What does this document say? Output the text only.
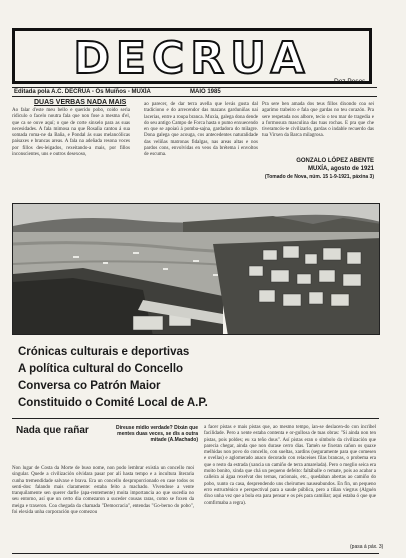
DECRUA	Dez Pesos
Editada pola A.C. DECRUA - Os Muíños - MUXÍA	MAIO 1985
DUAS VERBAS NADA MAIS
Ao falar d'este meu bello e querido pobo, coido serìa ridìculo o facelo noutra fala que non fose a mesma d'el, que ca se ouve aquí; o que de corte sinxelo para as suas necesidades. A fala mimosa na que Rosalìa cantou á sua somada roma-ne da Baña, e Pondal ás suas melancólicas paisaxes e brancas areas. A fala na adeñada resona voces por fillos des-leigados, rexeitando-a mais, por fillos inconscientes, uns e outros desexoso,
ao parecer, de dar terra avella que levás gusta dal tradiciono e do arrecendor das mazans garduniñas nai lacerias, entre a roupa branca. Muxía, galega dona dende do seu antigo Campo de Forca hasta o pumo enxuecendo en que se apoiaú á pomba-sajna, gardadora do milagre. Dona galega que acouga, cos antecedentes naturalidade das veliñas matronas fidalgas, nas areas altas e nos pardos cons, envolvidas en veos da brétema i envoltos de escuma.
Pra sere ben amada dos teus fillos dixondo coa sei agarimo trabeiro e fala que gardas no teu corazón. Pra sere respetada nos albore, tecio o teu mar de tragedia e a formosura masculina das tuas rochas. E pra que che tiveramcós-te civilizarlo, gardas o indable recuerdo das tua Virxen da Barca milagrosa.
GONZALO LÓPEZ ABENTE
MUXÍA, agosto de 1921
(Tomado de Nova, núm. 15 1-9-1921, páxina 3)
Crónicas culturais e deportivas
A política cultural do Concello
Conversa co Patrón Maior
Constituido o Comité Local de A.P.
Nada que rañar	Direuse mìdio verdade? Dixán que mentes duas veces, se dis a outra mitade (A.Machado)
Non lugar de Costa da Morte de buso nome, non podo lembrar existia un concello moi singular. Quede a civilización olvidara pasar por alí hasta tempo e a incultura literaria cunha tremendidade salvaxe e brava. Era un concello desproporcionado en case todos os senti-dos: falando mais claramente: estaba feito a machado. Vivendose a vente tranquilamente sen querer darlle (apa-rentemente) moita importancia ao que sucedia no seu entorno, así que un certo dia comezaron a suceder cousas raras, como se foxen da meiga e traxeron. Coa chegada da chamada "Democracia", entendas "Go-berno do pobo", foi elexida unha corporación que comezou
a facer pistas e mais pistas que, ao mesmo tempo, ían-se deslacen-do con incrìbel facilidade. Pero a xente estaba contenta e or-gullosa de tuas obras: "Si ainda non ten pistas, pois poldes; eu xa teño dous". Así pistas eran o símbolo da civilización que parecia chegar, ainda que non durase cerro dias. Tamén se fixeran cañon os quaxe melhidas non povo do concello, con sueltas, xardins (seguramente para que comesen e ovellas) e aglomerado anaco decorado con relaceises filas brancas, o probema era que o resto da estrada (xancia un camiño de terra amarelada). Pero o meglio seica era moito bonito, xinda que chá un pequeno defeito: faltáballe o remate, pois ao acabar a calleira ai ágaa rexelvat dos ternas, racionais, etc., quedaban abertas ao camiño do pobo, xunto ca casa, desprendendo uns cheirumes nauseabundos. En fin, un pequeno erro estructénico e perspectival para a saude pública, pero a tiñan viegrus (Alguén dixo unha vez que a bola era para pensar e os pés para camiñar; aquí estaba ó que que comfirmaba a regra).
(pasa á páx. 3)
